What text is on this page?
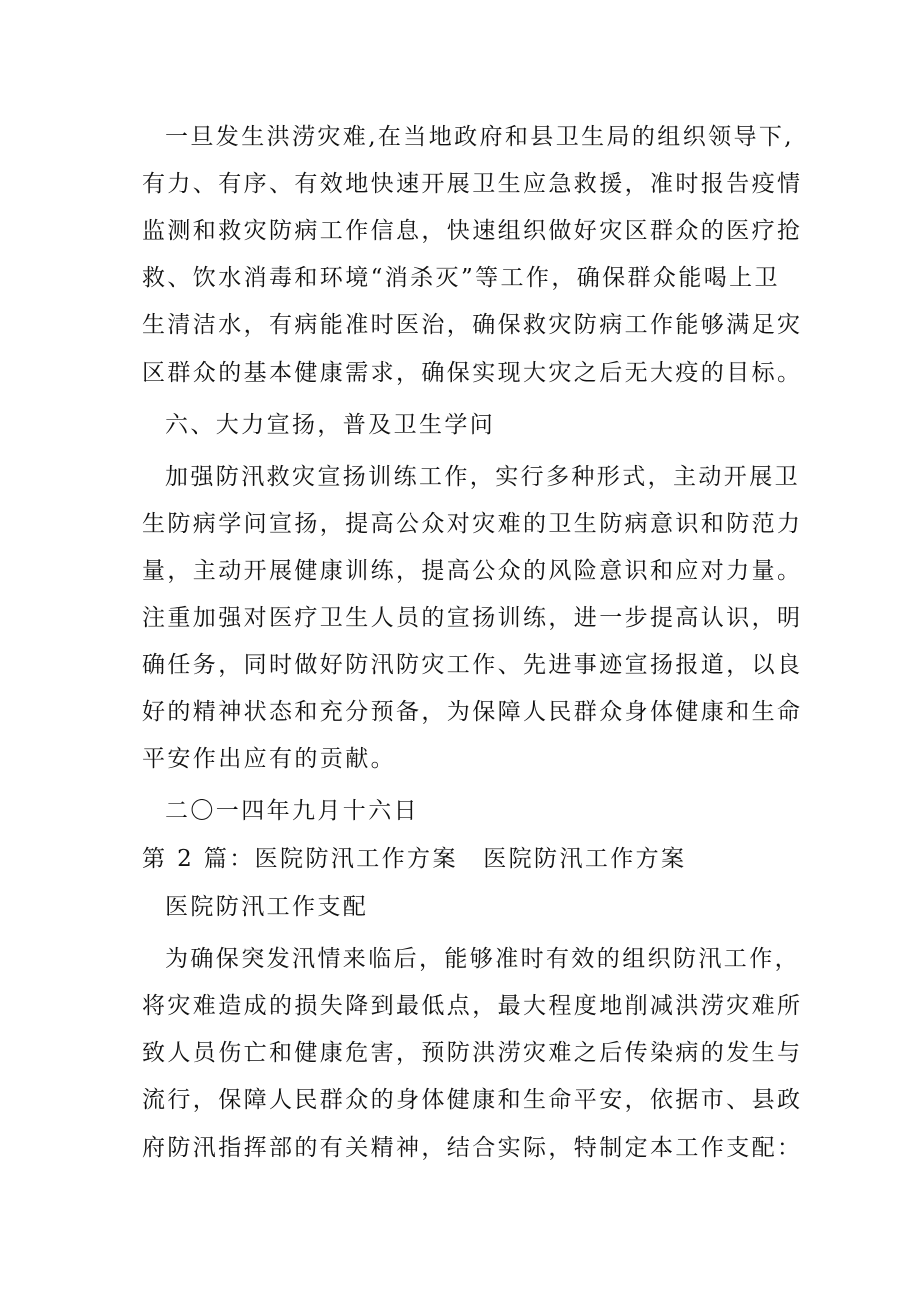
一旦发生洪涝灾难,在当地政府和县卫生局的组织领导下,
有力、有序、有效地快速开展卫生应急救援，准时报告疫情
监测和救灾防病工作信息，快速组织做好灾区群众的医疗抢
救、饮水消毒和环境“消杀灭”等工作，确保群众能喝上卫
生清洁水，有病能准时医治，确保救灾防病工作能够满足灾
区群众的基本健康需求，确保实现大灾之后无大疫的目标。
六、大力宣扬，普及卫生学问
加强防汛救灾宣扬训练工作，实行多种形式，主动开展卫
生防病学问宣扬，提高公众对灾难的卫生防病意识和防范力
量，主动开展健康训练，提高公众的风险意识和应对力量。
注重加强对医疗卫生人员的宣扬训练，进一步提高认识，明
确任务，同时做好防汛防灾工作、先进事迹宣扬报道，以良
好的精神状态和充分预备，为保障人民群众身体健康和生命
平安作出应有的贡献。
二〇一四年九月十六日
第 2 篇：医院防汛工作方案　医院防汛工作方案
医院防汛工作支配
为确保突发汛情来临后，能够准时有效的组织防汛工作，
将灾难造成的损失降到最低点，最大程度地削减洪涝灾难所
致人员伤亡和健康危害，预防洪涝灾难之后传染病的发生与
流行，保障人民群众的身体健康和生命平安，依据市、县政
府防汛指挥部的有关精神，结合实际，特制定本工作支配：
